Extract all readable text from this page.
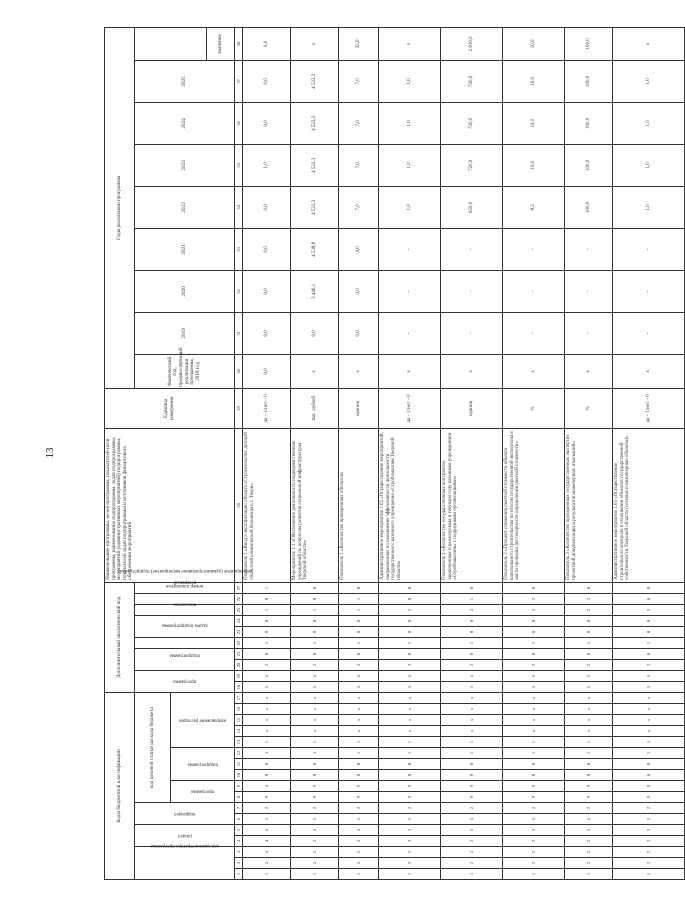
13
Коды бюджетной классификации																	Дополнительный аналитический код										Наименование программы, целей программы, показателей цели программы, наименование подпрограммы, задач подпрограммы, мероприятий (административных мероприятий) подпрограммы, показателей задач подпрограммы и источников финансового обеспечения мероприятий	Единица измерения	Годы реализации программы	
код администратора программы			раздел		подраздел		код целевой статьи расхода бюджета										программа		подпрограмма		задача подпрограммы	мероприятие (административное мероприятие) подпрограммы		показатель	номер показателя	резервный			Фактический год, предшествующий реализации программы, 2018 год	2019	2020	2021	2022	2023	2024	2025		
							программа		подпрограмма			направление расходов																										
																																					значение	
1	2	3	4	5	6	7	8	9	10	11	12	13	14	15	16	17	18	19	20	21	22	23	24	25	26	27	28	29	30	31	32	33	34	35	36	37	38	
1	2	3	4	5	1	2	9	4	0	0	1	1	х	х	х	х	5	5	2	0	1	0	0	1	0	1	Показатель 1 «Ввод в эксплуатацию объекта «Строительство детской областной клинической больницы в г. Твери»	да – 1/нет – 0	0,0	0,0	0,0	0,0	0,0	1,0	0,0	0,0	0,0	
1	2	2	2	3	5	2	9	9	0	0	1	1	х	х	х	х	5	5	2	0	1	0	0	1	0	0	Мероприятие 1.1 «Обеспечение деятельности подведомственных учреждений по вопросам развития социальной инфраструктуры Тверской области»	тыс. рублей	х	0,0	3 446,1	4 538,8	4 522,3	4 522,3	4 522,3	4 522,3	х	
1	2	2	2	3	5	2	9	9	0	0	1	1	х	х	х	х	5	5	2	0	1	0	0	1	1	0	Показатель 1 «Количество проверенных объектов»	единиц	х	0,0	3,0	4,0	7,0	7,0	7,0	7,0	35,0	
1	2	2	2	3	5	2	9	9	0	0	1	1	х	х	х	х	5	5	2	0	1	0	0	2	0	0	Административное мероприятие 1.02 «Осуществление мероприятий, направленных на повышение эффективности деятельности государственного казенного учреждения «Стройзаказчик Тверской области»	да – 1/нет – 0	х	-	-	-	1,0	1,0	1,0	1,0	х	
1	2	2	2	3	5	2	9	9	0	0	1	1	х	х	х	х	5	5	2	0	1	0	0	2	1	0	Показатель 1 «Количество государственных контрактов, заключенных и реализуемых в текущем году казенным учреждением «Стройзаказчик» с подрядными организациями»	единиц	х	-	-	-	650,0	720,0	720,0	720,0	2 810,0	
1	2	2	2	3	5	2	9	9	0	0	1	1	х	х	х	х	5	5	2	0	1	0	0	2	2	0	Показатель 2 «Процент снижения сметной стоимости объекта капитального строительства по итогам государственной экспертизы в части проверки достоверности определения сметной стоимости»	%	х	-	-	-	8,2	10,0	10,0	10,0	10,0	
1	2	2	2	3	5	2	9	9	0	0	1	1	х	х	х	х	5	5	2	0	1	0	0	2	3	0	Показатель 3 «Количество проведенных государственных экспертиз проектной документации и результатов инженерных изысканий»	%	х	-	-	-	100,0	100,0	100,0	100,0	100,0	
1	2	2	2	3	5	2	9	9	0	0	1	1	х	х	х	х	5	5	2	0	1	0	0	3	0	0	Административное мероприятие 1.03 «Осуществление строительного контроля в отношении объектов государственной собственности Тверской области (сетевые и инженерные объекты)»	да – 1/нет – 0	х	-	-	-	1,0	1,0	1,0	1,0	х	
